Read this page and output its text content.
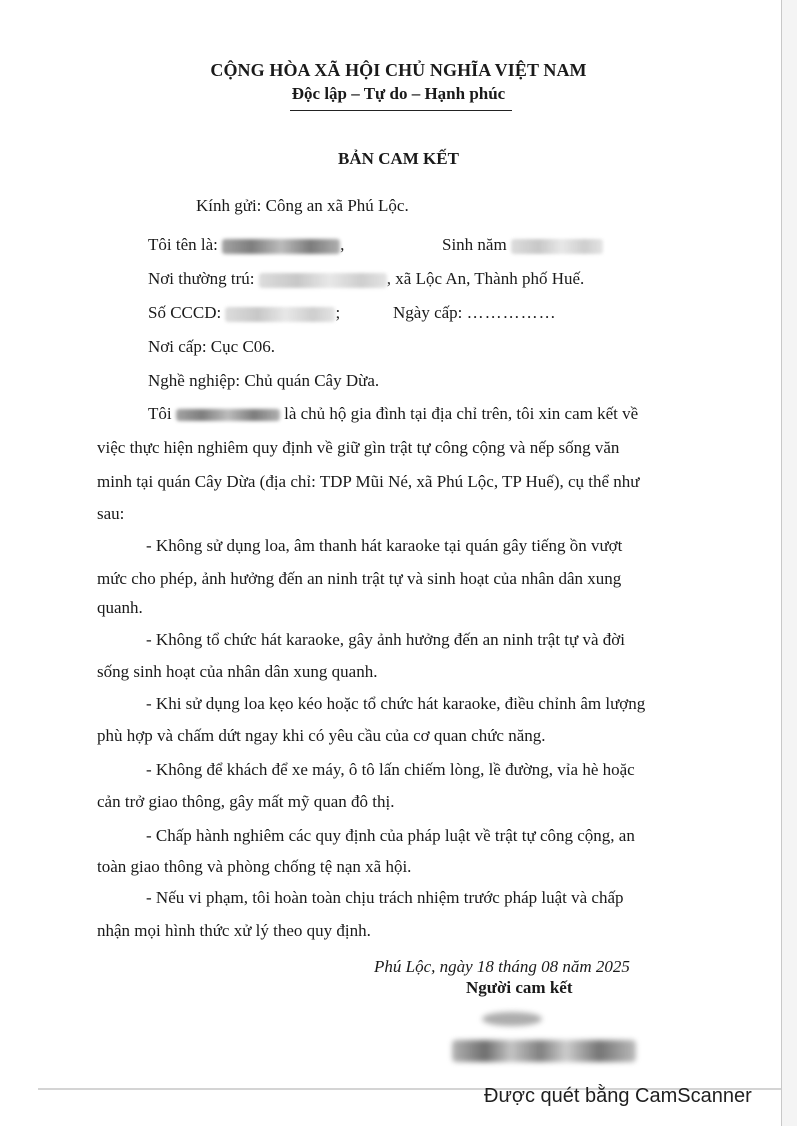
CỘNG HÒA XÃ HỘI CHỦ NGHĨA VIỆT NAM
Độc lập – Tự do – Hạnh phúc
BẢN CAM KẾT
Kính gửi: Công an xã Phú Lộc.
Tôi tên là:	,	Sinh năm
Nơi thường trú:	, xã Lộc An, Thành phố Huế.
Số CCCD:	;	Ngày cấp: ……………
Nơi cấp: Cục C06.
Nghề nghiệp: Chủ quán Cây Dừa.
Tôi	là chủ hộ gia đình tại địa chỉ trên, tôi xin cam kết về
việc thực hiện nghiêm quy định về giữ gìn trật tự công cộng và nếp sống văn
minh tại quán Cây Dừa (địa chỉ: TDP Mũi Né, xã Phú Lộc, TP Huế), cụ thể như
sau:
- Không sử dụng loa, âm thanh hát karaoke tại quán gây tiếng ồn vượt
mức cho phép, ảnh hưởng đến an ninh trật tự và sinh hoạt của nhân dân xung
quanh.
- Không tổ chức hát karaoke, gây ảnh hưởng đến an ninh trật tự và đời
sống sinh hoạt của nhân dân xung quanh.
- Khi sử dụng loa kẹo kéo hoặc tổ chức hát karaoke, điều chỉnh âm lượng
phù hợp và chấm dứt ngay khi có yêu cầu của cơ quan chức năng.
- Không để khách để xe máy, ô tô lấn chiếm lòng, lề đường, vỉa hè hoặc
cản trở giao thông, gây mất mỹ quan đô thị.
- Chấp hành nghiêm các quy định của pháp luật về trật tự công cộng, an
toàn giao thông và phòng chống tệ nạn xã hội.
- Nếu vi phạm, tôi hoàn toàn chịu trách nhiệm trước pháp luật và chấp
nhận mọi hình thức xử lý theo quy định.
Phú Lộc, ngày 18 tháng 08 năm 2025
Người cam kết
Được quét bằng CamScanner
